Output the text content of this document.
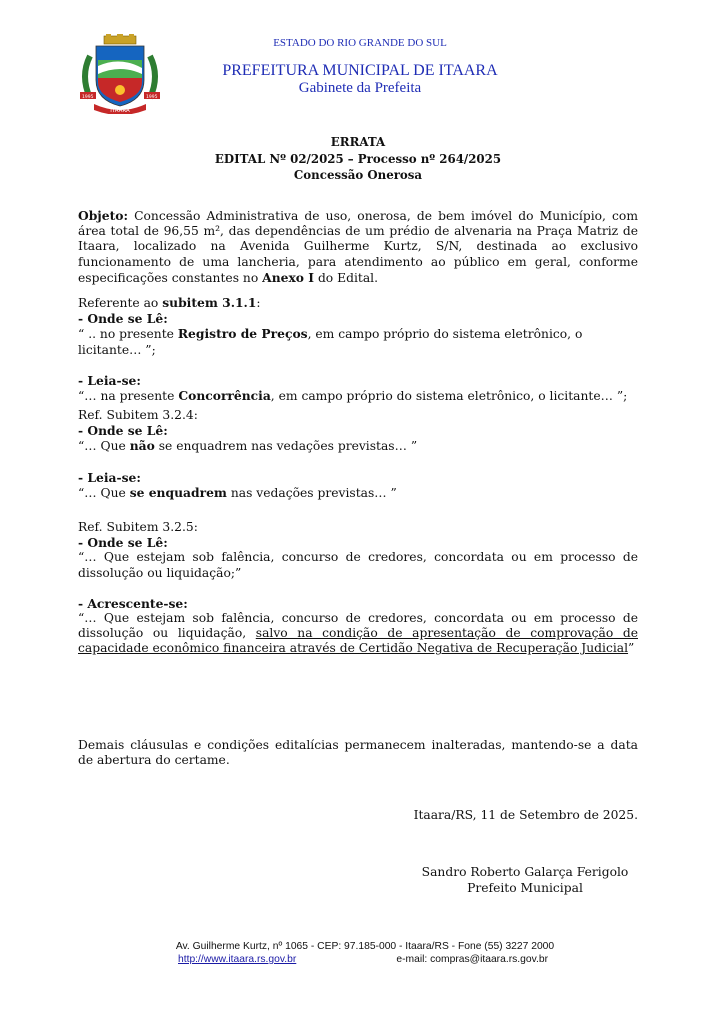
1995	1995
ITAARA
ESTADO DO RIO GRANDE DO SUL
PREFEITURA MUNICIPAL DE ITAARA
Gabinete da Prefeita
ERRATA
EDITAL Nº 02/2025 – Processo nº 264/2025
Concessão Onerosa

Objeto: Concessão Administrativa de uso, onerosa, de bem imóvel do Município, com área total de 96,55 m², das dependências de um prédio de alvenaria na Praça Matriz de Itaara, localizado na Avenida Guilherme Kurtz, S/N, destinada ao exclusivo funcionamento de uma lancheria, para atendimento ao público em geral, conforme especificações constantes no Anexo I do Edital.

Referente ao subitem 3.1.1:
- Onde se Lê:
“ .. no presente Registro de Preços, em campo próprio do sistema eletrônico, o licitante… ”;
- Leia-se:
“… na presente Concorrência, em campo próprio do sistema eletrônico, o licitante… ”;
Ref. Subitem 3.2.4:
- Onde se Lê:
“… Que não se enquadrem nas vedações previstas… ”
- Leia-se:
“… Que se enquadrem nas vedações previstas… ”
Ref. Subitem 3.2.5:
- Onde se Lê:
“… Que estejam sob falência, concurso de credores, concordata ou em processo de dissolução ou liquidação;”
- Acrescente-se:
“… Que estejam sob falência, concurso de credores, concordata ou em processo de dissolução ou liquidação, salvo na condição de apresentação de comprovação de capacidade econômico financeira através de Certidão Negativa de Recuperação Judicial”

Demais cláusulas e condições editalícias permanecem inalteradas, mantendo-se a data de abertura do certame.

Itaara/RS, 11 de Setembro de 2025.
Sandro Roberto Galarça Ferigolo
Prefeito Municipal
Av. Guilherme Kurtz, nº 1065 - CEP: 97.185-000 - Itaara/RS - Fone (55) 3227 2000
http://www.itaara.rs.gov.br	e-mail: compras@itaara.rs.gov.br
